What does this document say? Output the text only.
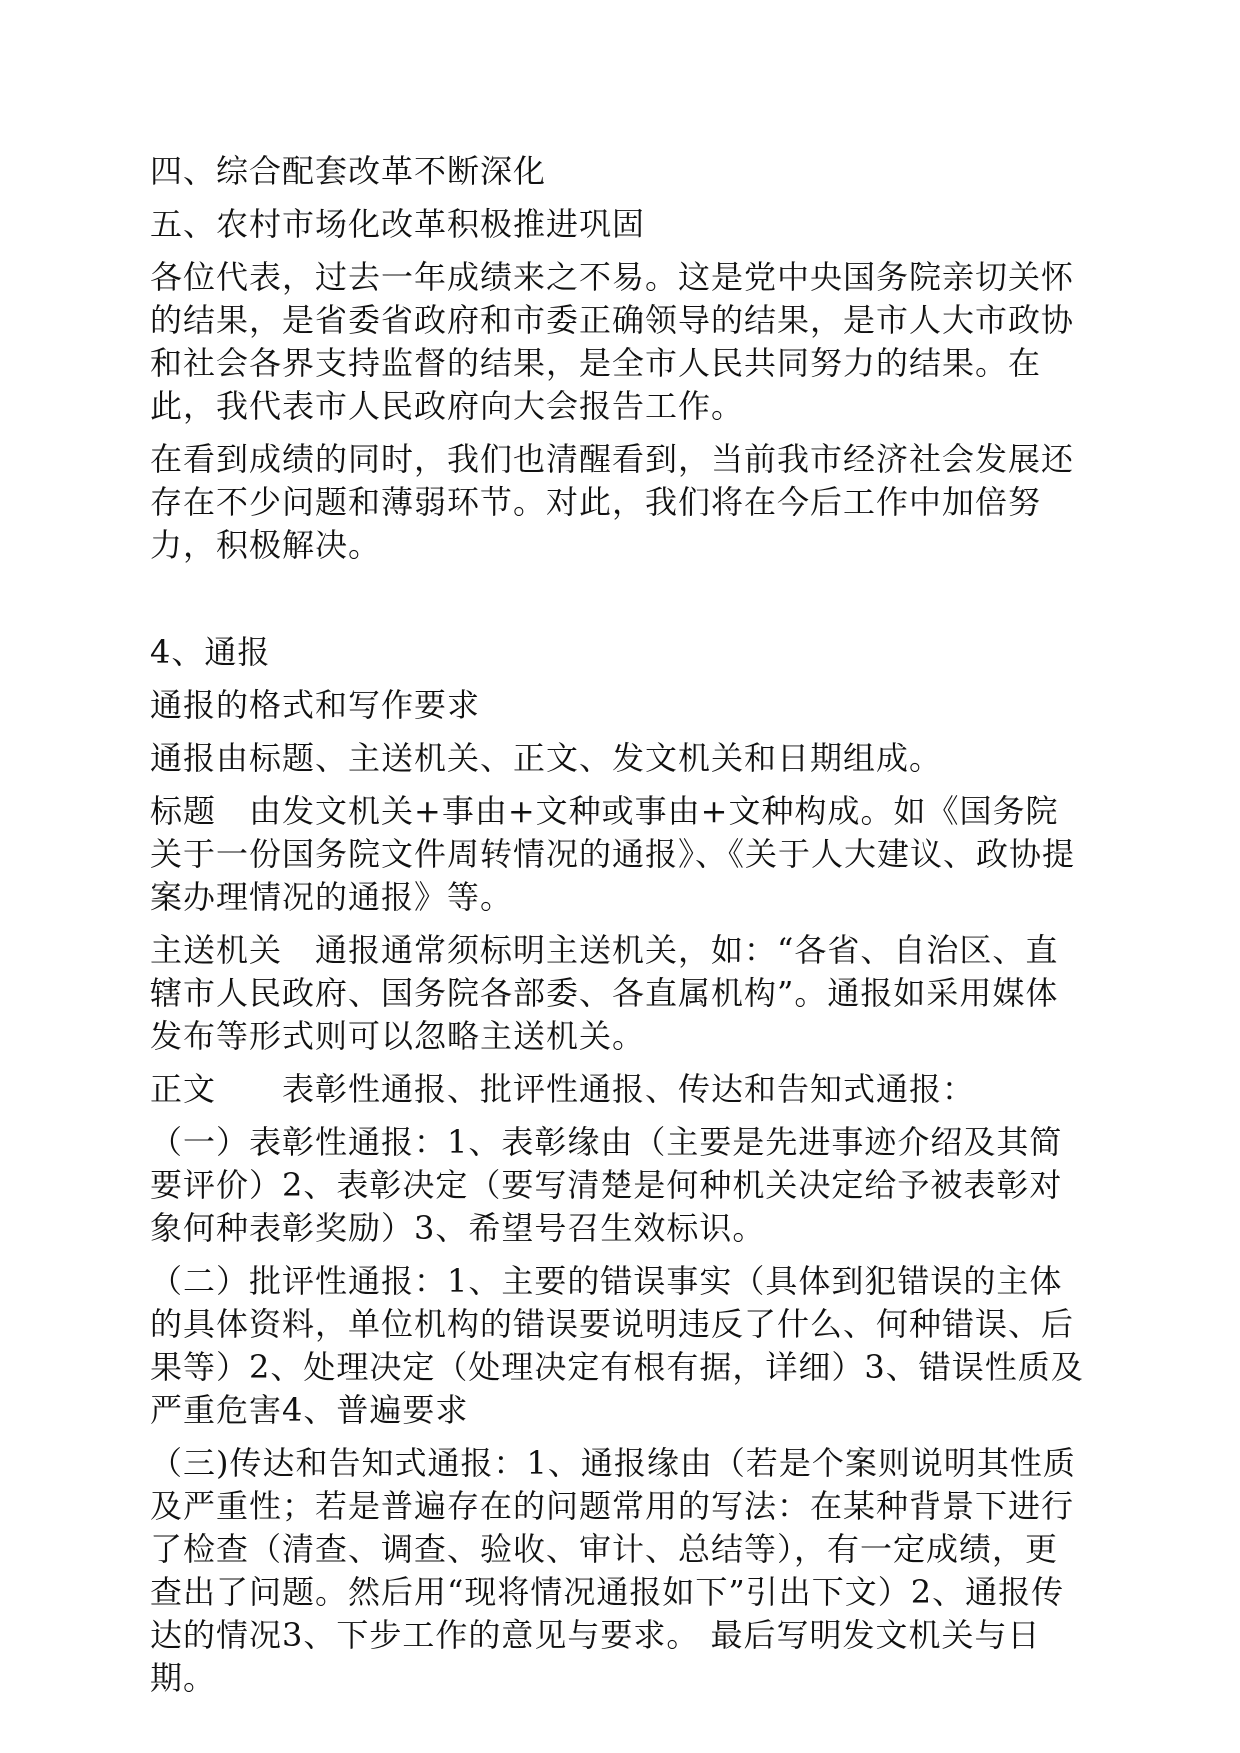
四、综合配套改革不断深化

五、农村市场化改革积极推进巩固

各位代表，过去一年成绩来之不易。这是党中央国务院亲切关怀的结果，是省委省政府和市委正确领导的结果，是市人大市政协和社会各界支持监督的结果，是全市人民共同努力的结果。在此，我代表市人民政府向大会报告工作。

在看到成绩的同时，我们也清醒看到，当前我市经济社会发展还存在不少问题和薄弱环节。对此，我们将在今后工作中加倍努力，积极解决。

4、通报

通报的格式和写作要求

通报由标题、主送机关、正文、发文机关和日期组成。

标题　由发文机关+事由+文种或事由+文种构成。如《国务院关于一份国务院文件周转情况的通报》、《关于人大建议、政协提案办理情况的通报》等。

主送机关　通报通常须标明主送机关，如：“各省、自治区、直辖市人民政府、国务院各部委、各直属机构”。通报如采用媒体发布等形式则可以忽略主送机关。

正文　　表彰性通报、批评性通报、传达和告知式通报：

（一）表彰性通报：1、表彰缘由（主要是先进事迹介绍及其简要评价）2、表彰决定（要写清楚是何种机关决定给予被表彰对象何种表彰奖励）3、希望号召生效标识。

（二）批评性通报：1、主要的错误事实（具体到犯错误的主体的具体资料，单位机构的错误要说明违反了什么、何种错误、后果等）2、处理决定（处理决定有根有据，详细）3、错误性质及严重危害4、普遍要求

（三)传达和告知式通报：1、通报缘由（若是个案则说明其性质及严重性；若是普遍存在的问题常用的写法：在某种背景下进行了检查（清查、调查、验收、审计、总结等），有一定成绩，更查出了问题。然后用“现将情况通报如下”引出下文）2、通报传达的情况3、下步工作的意见与要求。 最后写明发文机关与日期。
